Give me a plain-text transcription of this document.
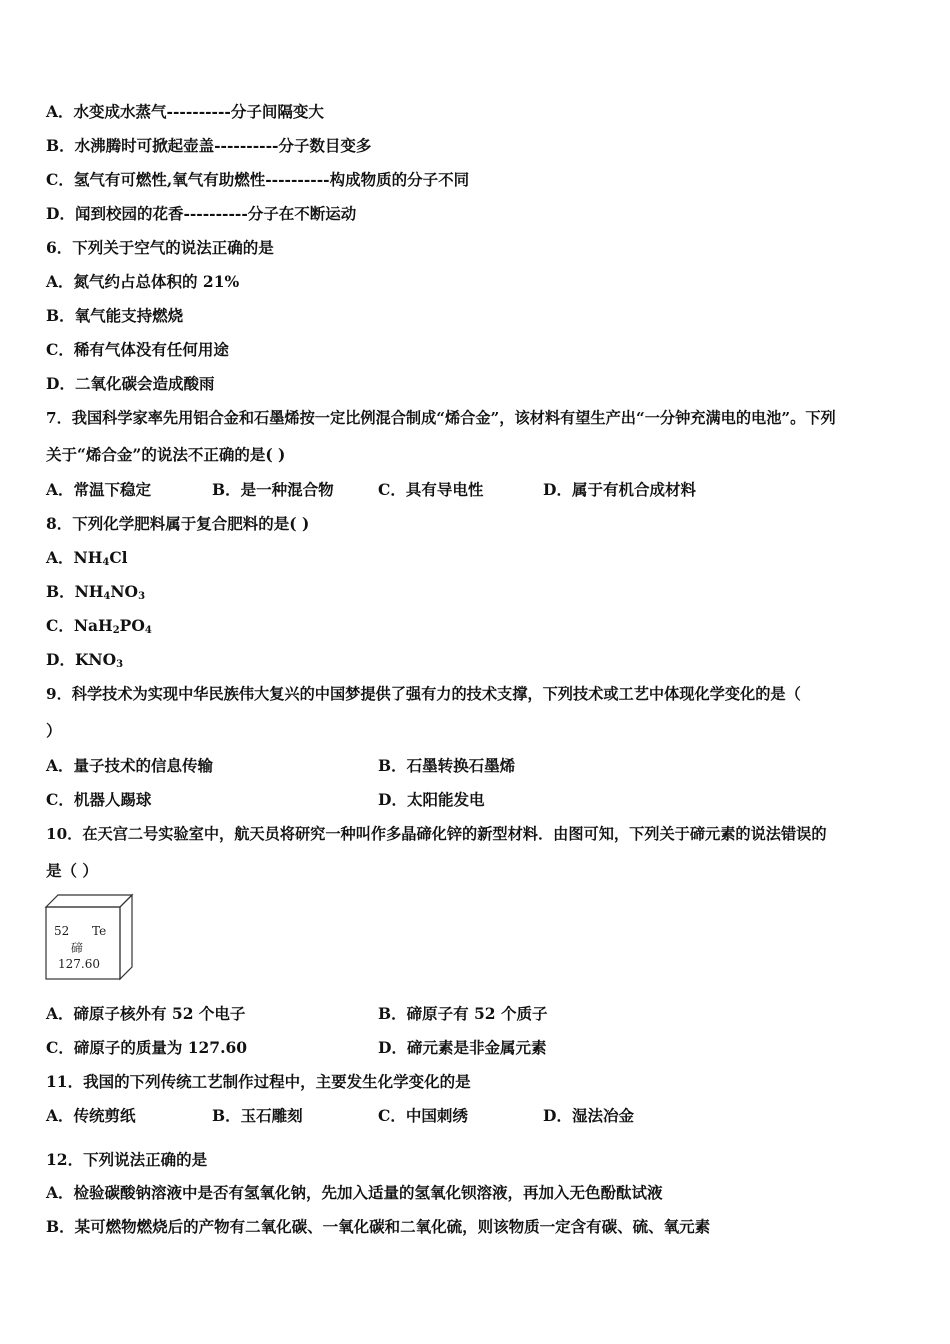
A．水变成水蒸气----------分子间隔变大
B．水沸腾时可掀起壶盖----------分子数目变多
C．氢气有可燃性,氧气有助燃性----------构成物质的分子不同
D．闻到校园的花香----------分子在不断运动
6．下列关于空气的说法正确的是
A．氮气约占总体积的 21%
B．氧气能支持燃烧
C．稀有气体没有任何用途
D．二氧化碳会造成酸雨
7．我国科学家率先用铝合金和石墨烯按一定比例混合制成“烯合金”，该材料有望生产出“一分钟充满电的电池”。下列
关于“烯合金”的说法不正确的是( )
A．常温下稳定	B．是一种混合物	C．具有导电性	D．属于有机合成材料
8．下列化学肥料属于复合肥料的是( )
A．$NH_4Cl$
B．$NH_4NO_3$
C．$NaH_2PO_4$
D．$KNO_3$
9．科学技术为实现中华民族伟大复兴的中国梦提供了强有力的技术支撑，下列技术或工艺中体现化学变化的是（
）
A．量子技术的信息传输	B．石墨转换石墨烯
C．机器人踢球	D．太阳能发电
10．在天宫二号实验室中，航天员将研究一种叫作多晶碲化锌的新型材料．由图可知，下列关于碲元素的说法错误的
是（ ）
52 Te
碲
127.60
A．碲原子核外有 52 个电子	B．碲原子有 52 个质子
C．碲原子的质量为 127.60	D．碲元素是非金属元素
11．我国的下列传统工艺制作过程中，主要发生化学变化的是
A．传统剪纸	B．玉石雕刻	C．中国刺绣	D．湿法冶金
12．下列说法正确的是
A．检验碳酸钠溶液中是否有氢氧化钠，先加入适量的氢氧化钡溶液，再加入无色酚酞试液
B．某可燃物燃烧后的产物有二氧化碳、一氧化碳和二氧化硫，则该物质一定含有碳、硫、氧元素
